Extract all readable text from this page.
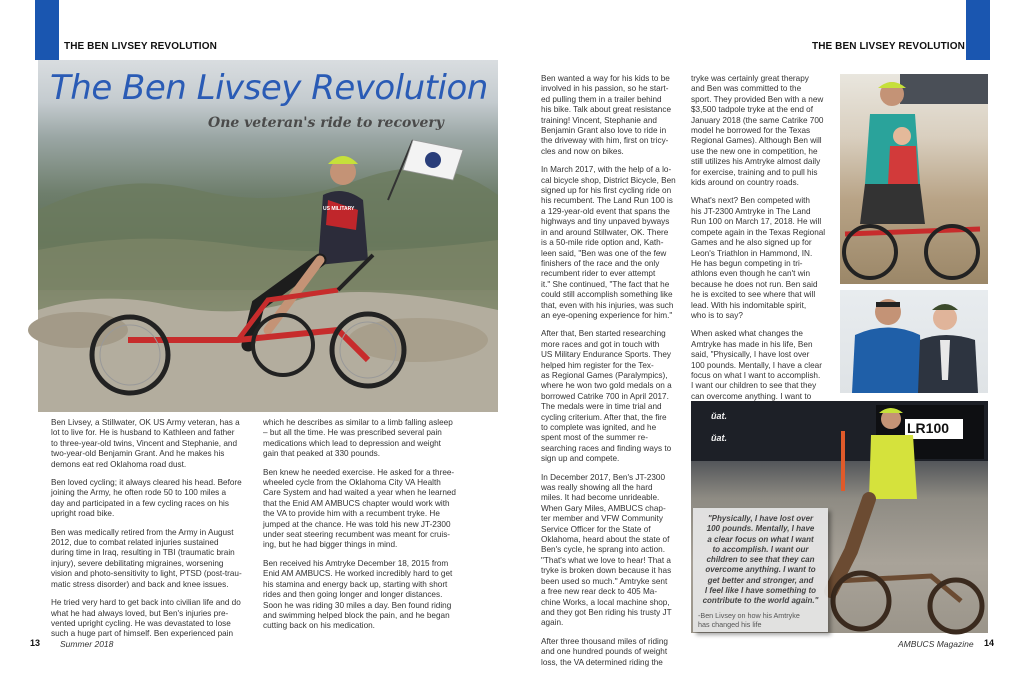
THE BEN LIVSEY REVOLUTION	THE BEN LIVSEY REVOLUTION
The Ben Livsey Revolution
One veteran's ride to recovery
US MILITARY

Ben Livsey, a Stillwater, OK US Army veteran, has a
lot to live for. He is husband to Kathleen and father
to three-year-old twins, Vincent and Stephanie, and
two-year-old Benjamin Grant. And he makes his
demons eat red Oklahoma road dust.

Ben loved cycling; it always cleared his head. Before
joining the Army, he often rode 50 to 100 miles a
day and participated in a few cycling races on his
upright road bike.

Ben was medically retired from the Army in August
2012, due to combat related injuries sustained
during time in Iraq, resulting in TBI (traumatic brain
injury), severe debilitating migraines, worsening
vision and photo-sensitivity to light, PTSD (post-trau-
matic stress disorder) and back and knee issues.

He tried very hard to get back into civilian life and do
what he had always loved, but Ben's injuries pre-
vented upright cycling. He was devastated to lose
such a huge part of himself. Ben experienced pain

which he describes as similar to a limb falling asleep
– but all the time. He was prescribed several pain
medications which lead to depression and weight
gain that peaked at 330 pounds.

Ben knew he needed exercise. He asked for a three-
wheeled cycle from the Oklahoma City VA Health
Care System and had waited a year when he learned
that the Enid AM AMBUCS chapter would work with
the VA to provide him with a recumbent tryke. He
jumped at the chance. He was told his new JT-2300
under seat steering recumbent was meant for cruis-
ing, but he had bigger things in mind.

Ben received his Amtryke December 18, 2015 from
Enid AM AMBUCS. He worked incredibly hard to get
his stamina and energy back up, starting with short
rides and then going longer and longer distances.
Soon he was riding 30 miles a day. Ben found riding
and swimming helped block the pain, and he began
cutting back on his medication.

Ben wanted a way for his kids to be
involved in his passion, so he start-
ed pulling them in a trailer behind
his bike. Talk about great resistance
training! Vincent, Stephanie and
Benjamin Grant also love to ride in
the driveway with him, first on tricy-
cles and now on bikes.

In March 2017, with the help of a lo-
cal bicycle shop, District Bicycle, Ben
signed up for his first cycling ride on
his recumbent. The Land Run 100 is
a 129-year-old event that spans the
highways and tiny unpaved byways
in and around Stillwater, OK. There
is a 50-mile ride option and, Kath-
leen said, "Ben was one of the few
finishers of the race and the only
recumbent rider to ever attempt
it." She continued, "The fact that he
could still accomplish something like
that, even with his injuries, was such
an eye-opening experience for him."

After that, Ben started researching
more races and got in touch with
US Military Endurance Sports. They
helped him register for the Tex-
as Regional Games (Paralympics),
where he won two gold medals on a
borrowed Catrike 700 in April 2017.
The medals were in time trial and
cycling criterium. After that, the fire
to complete was ignited, and he
spent most of the summer re-
searching races and finding ways to
sign up and compete.

In December 2017, Ben's JT-2300
was really showing all the hard
miles. It had become unrideable.
When Gary Miles, AMBUCS chap-
ter member and VFW Community
Service Officer for the State of
Oklahoma, heard about the state of
Ben's cycle, he sprang into action.
"That's what we love to hear! That a
tryke is broken down because it has
been used so much." Amtryke sent
a free new rear deck to 405 Ma-
chine Works, a local machine shop,
and they got Ben riding his trusty JT
again.

After three thousand miles of riding
and one hundred pounds of weight
loss, the VA determined riding the

tryke was certainly great therapy
and Ben was committed to the
sport. They provided Ben with a new
$3,500 tadpole tryke at the end of
January 2018 (the same Catrike 700
model he borrowed for the Texas
Regional Games). Although Ben will
use the new one in competition, he
still utilizes his Amtryke almost daily
for exercise, training and to pull his
kids around on country roads.

What's next? Ben competed with
his JT-2300 Amtryke in The Land
Run 100 on March 17, 2018. He will
compete again in the Texas Regional
Games and he also signed up for
Leon's Triathlon in Hammond, IN.
He has begun competing in tri-
athlons even though he can't win
because he does not run. Ben said
he is excited to see where that will
lead. With his indomitable spirit,
who is to say?

When asked what changes the
Amtryke has made in his life, Ben
said, "Physically, I have lost over
100 pounds. Mentally, I have a clear
focus on what I want to accomplish.
I want our children to see that they
can overcome anything. I want to

ŭat.
ŭat.
LR100
"Physically, I have lost over
100 pounds. Mentally, I have
a clear focus on what I want
to accomplish. I want our
children to see that they can
overcome anything. I want to
get better and stronger, and
I feel like I have something to
contribute to the world again."
-Ben Livsey on how his Amtryke
has changed his life
13 Summer 2018	AMBUCS Magazine 14
